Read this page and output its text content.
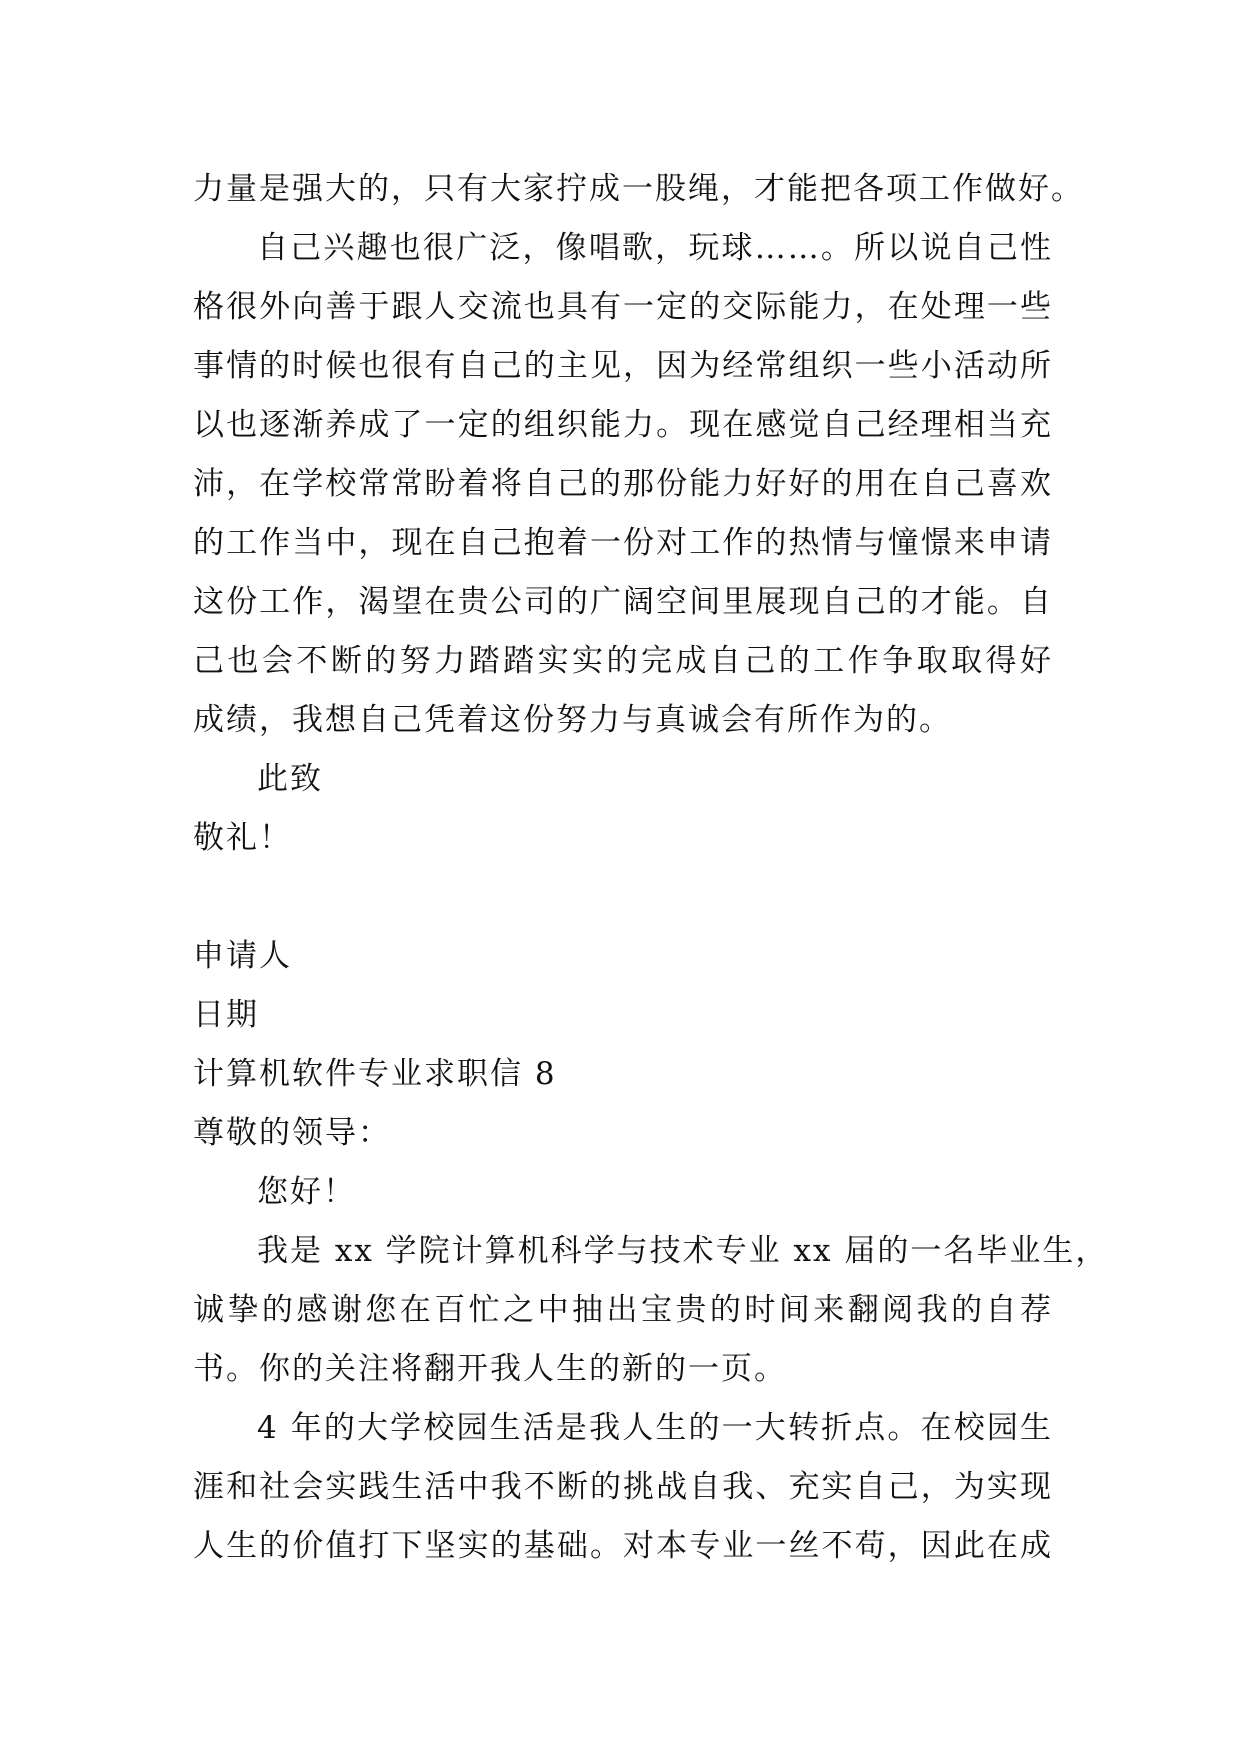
力量是强大的，只有大家拧成一股绳，才能把各项工作做好。
自己兴趣也很广泛，像唱歌，玩球……。所以说自己性
格很外向善于跟人交流也具有一定的交际能力，在处理一些
事情的时候也很有自己的主见，因为经常组织一些小活动所
以也逐渐养成了一定的组织能力。现在感觉自己经理相当充
沛，在学校常常盼着将自己的那份能力好好的用在自己喜欢
的工作当中，现在自己抱着一份对工作的热情与憧憬来申请
这份工作，渴望在贵公司的广阔空间里展现自己的才能。自
己也会不断的努力踏踏实实的完成自己的工作争取取得好
成绩，我想自己凭着这份努力与真诚会有所作为的。
此致
敬礼！
申请人
日期
计算机软件专业求职信 8
尊敬的领导：
您好！
我是 xx 学院计算机科学与技术专业 xx 届的一名毕业生，
诚挚的感谢您在百忙之中抽出宝贵的时间来翻阅我的自荐
书。你的关注将翻开我人生的新的一页。
4 年的大学校园生活是我人生的一大转折点。在校园生
涯和社会实践生活中我不断的挑战自我、充实自己，为实现
人生的价值打下坚实的基础。对本专业一丝不苟，因此在成
